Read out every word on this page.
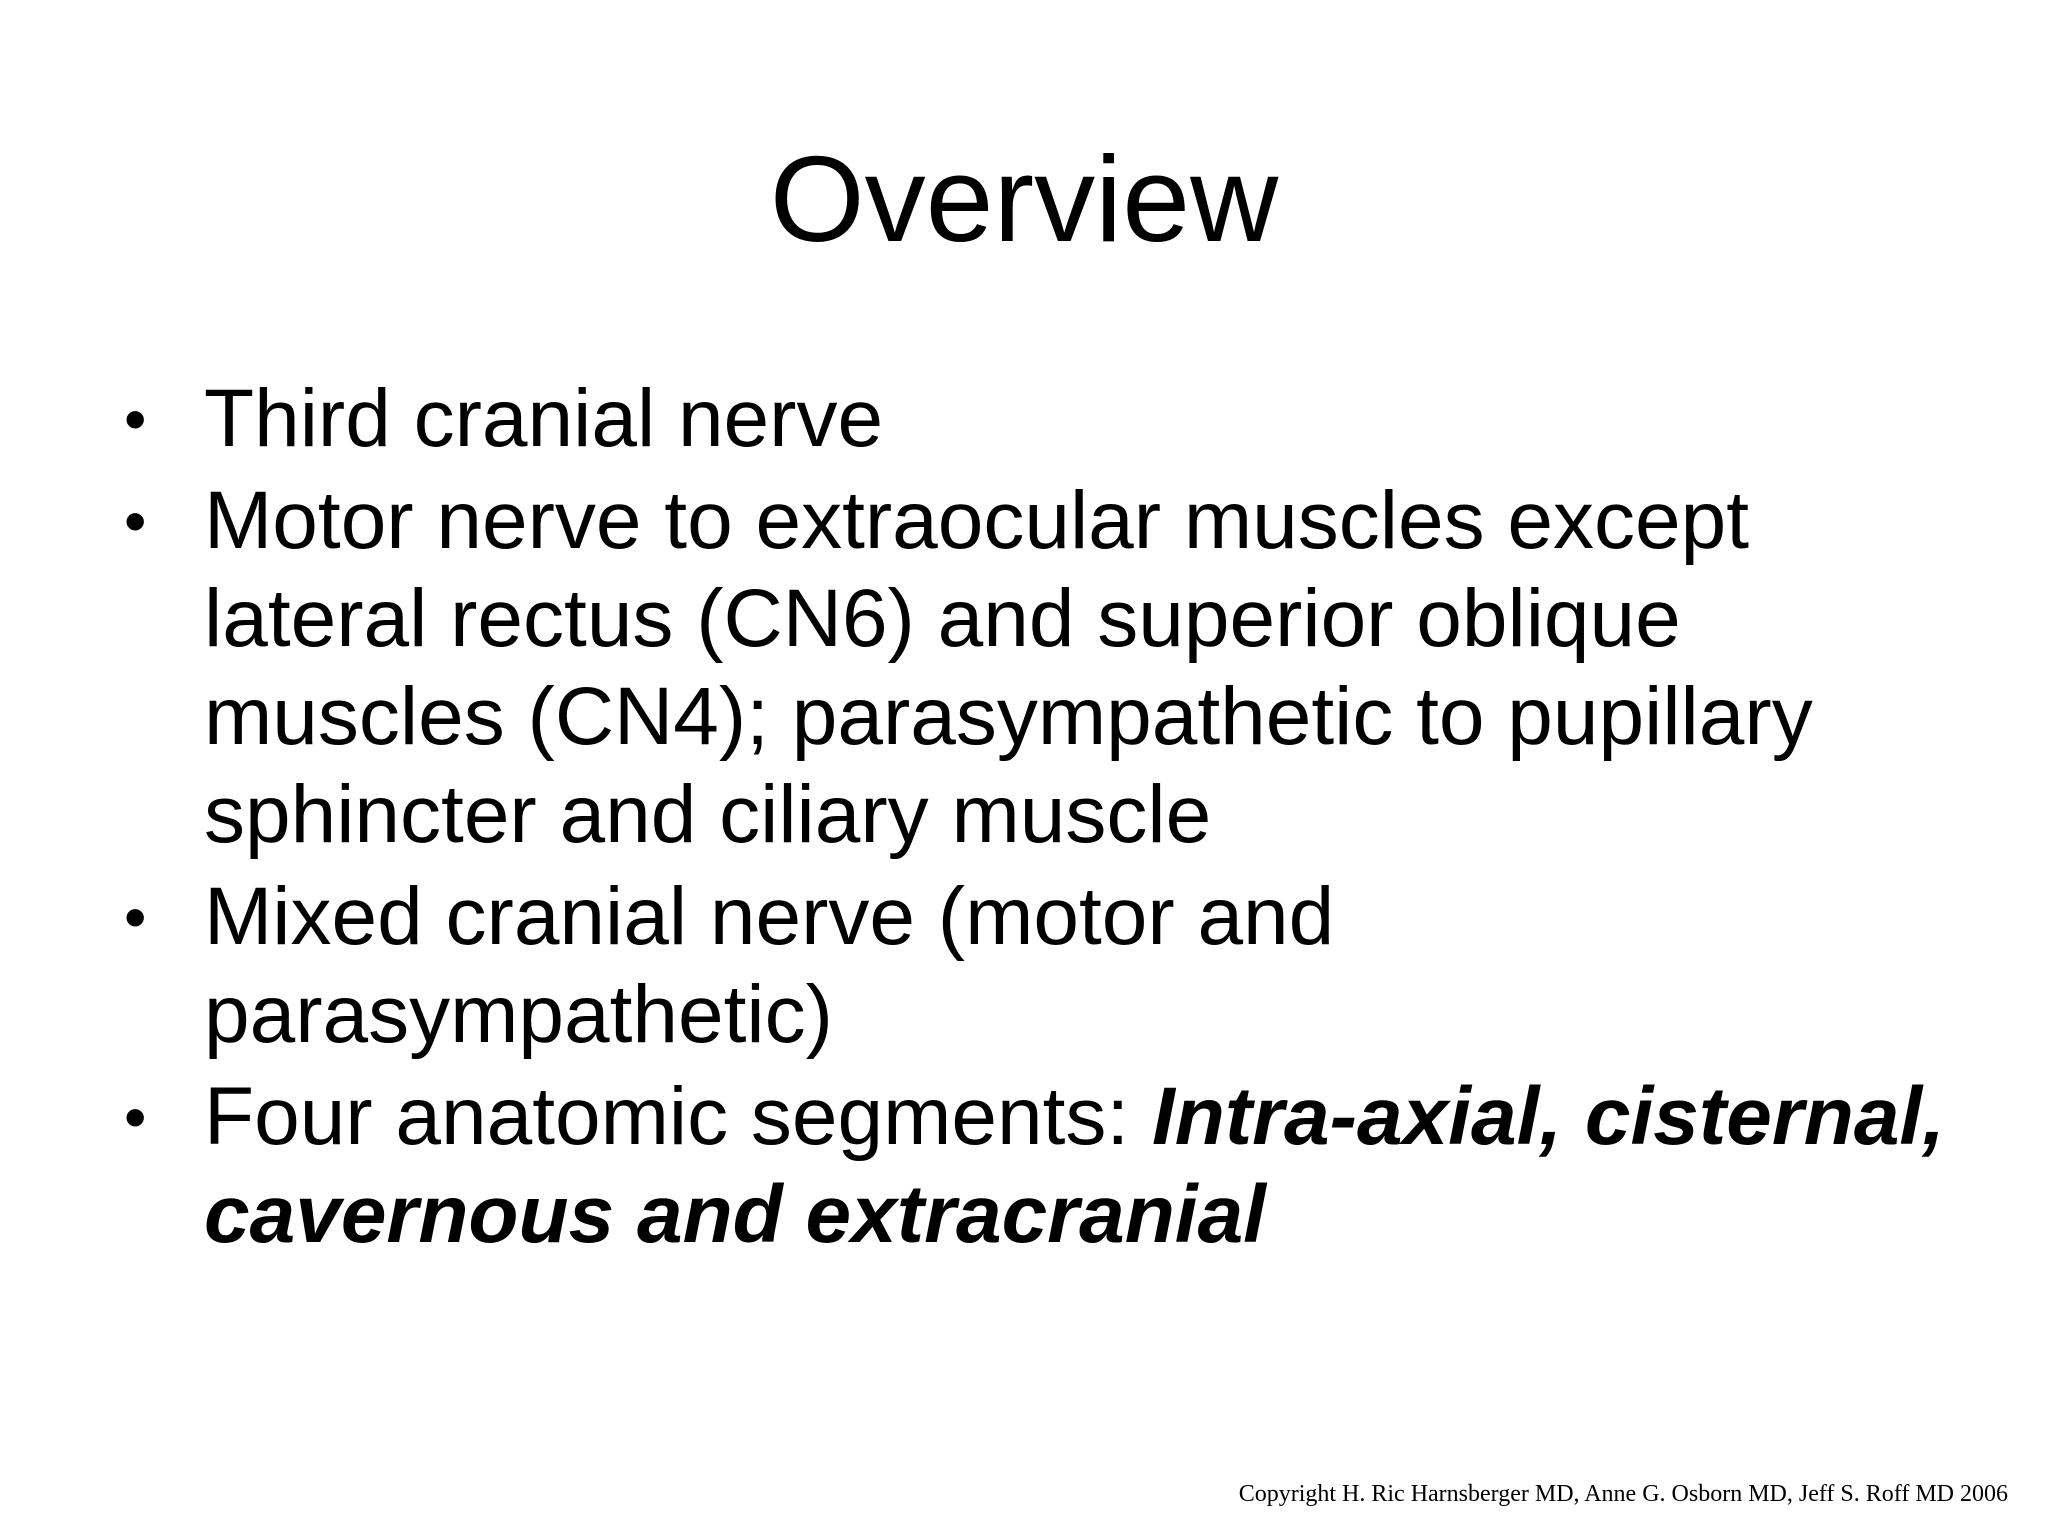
Overview
• Third cranial nerve
• Motor nerve to extraocular muscles except lateral rectus (CN6) and superior oblique muscles (CN4); parasympathetic to pupillary sphincter and ciliary muscle
• Mixed cranial nerve (motor and parasympathetic)
• Four anatomic segments: Intra-axial, cisternal, cavernous and extracranial
Copyright H. Ric Harnsberger MD, Anne G. Osborn MD, Jeff S. Roff MD 2006
